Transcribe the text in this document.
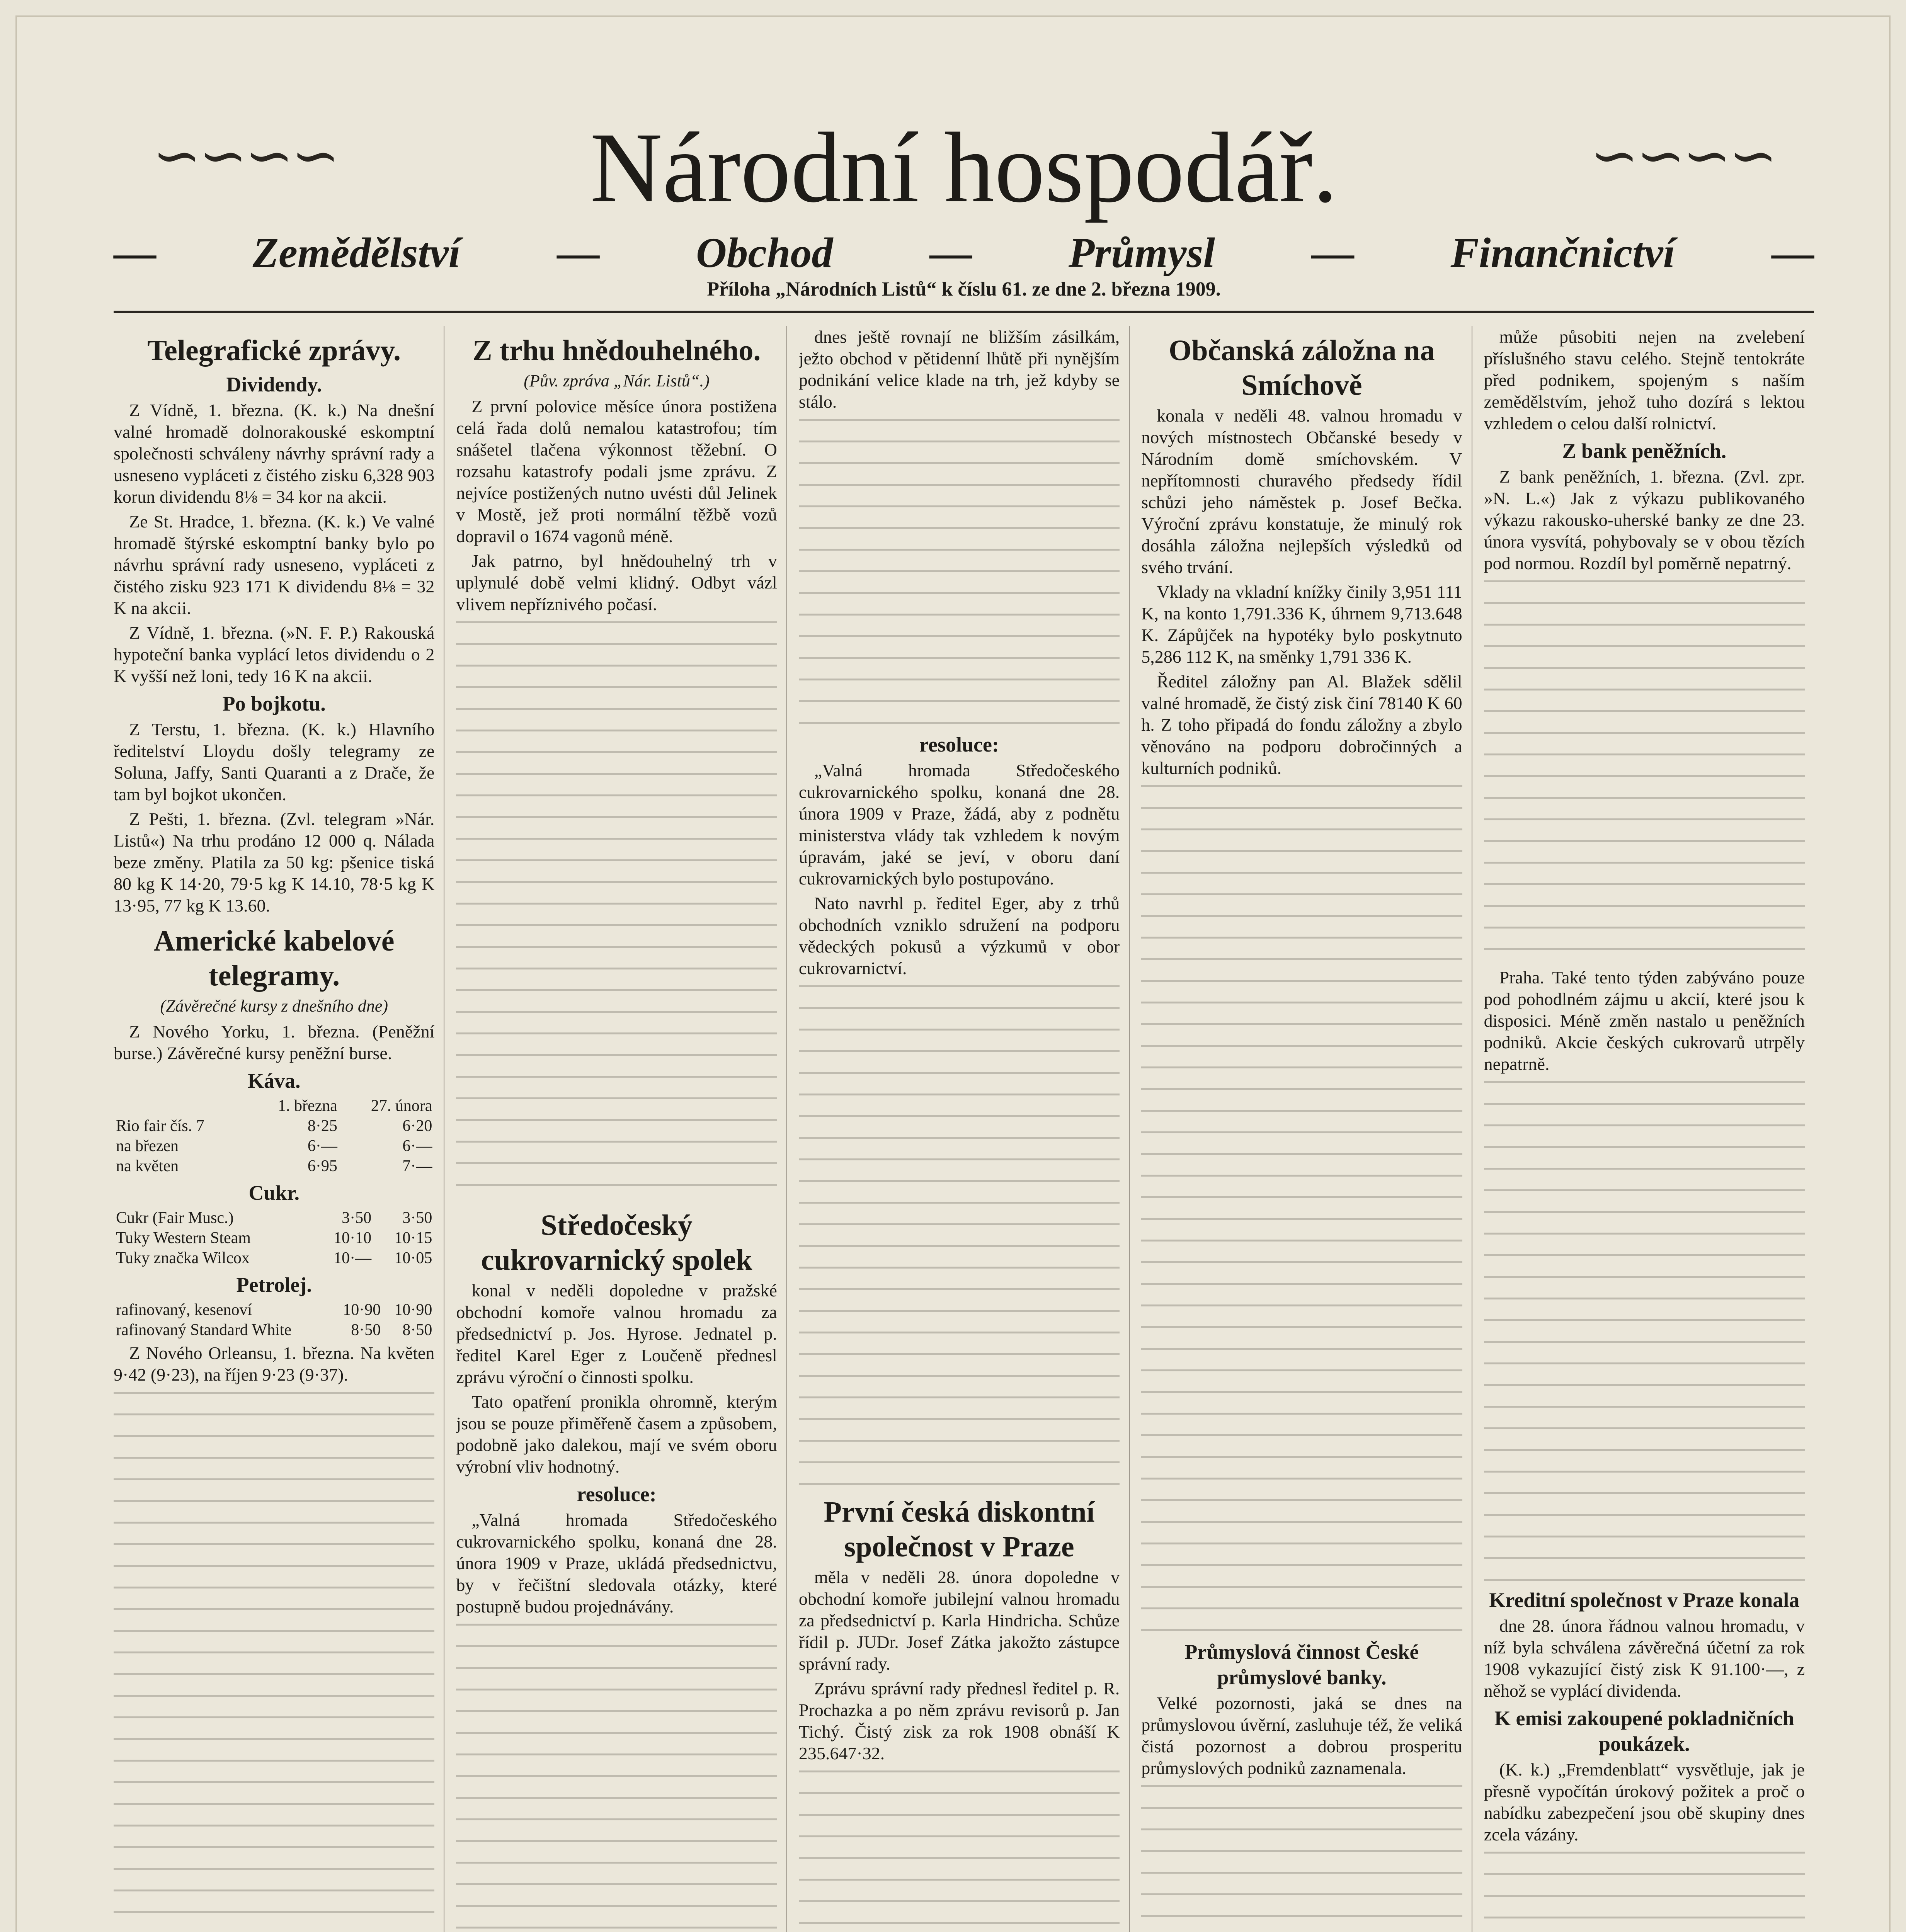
∽∽∽∽	Národní hospodář.	∽∽∽∽
— Zemědělství — Obchod — Průmysl — Finančnictví —
Příloha „Národních Listů“ k číslu 61. ze dne 2. března 1909.
Telegrafické zprávy.
Dividendy.

Z Vídně, 1. března. (K. k.) Na dnešní valné hromadě dolnorakouské eskomptní společnosti schváleny návrhy správní rady a usneseno vypláceti z čistého zisku 6,328 903 korun dividendu 8⅛ = 34 kor na akcii.

Ze St. Hradce, 1. března. (K. k.) Ve valné hromadě štýrské eskomptní banky bylo po návrhu správní rady usneseno, vypláceti z čistého zisku 923 171 K dividendu 8⅛ = 32 K na akcii.

Z Vídně, 1. března. (»N. F. P.) Rakouská hypoteční banka vyplácí letos dividendu o 2 K vyšší než loni, tedy 16 K na akcii.

Po bojkotu.

Z Terstu, 1. března. (K. k.) Hlavního ředitelství Lloydu došly telegramy ze Soluna, Jaffy, Santi Quaranti a z Drače, že tam byl bojkot ukončen.

Z Pešti, 1. března. (Zvl. telegram »Nár. Listů«) Na trhu prodáno 12 000 q. Nálada beze změny. Platila za 50 kg: pšenice tiská 80 kg K 14·20, 79·5 kg K 14.10, 78·5 kg K 13·95, 77 kg K 13.60.

Americké kabelové telegramy.
(Závěrečné kursy z dnešního dne)

Z Nového Yorku, 1. března. (Peněžní burse.) Závěrečné kursy peněžní burse.

Káva.
	1. března	27. února
Rio fair čís. 7	8·25	6·20
na březen	6·—	6·—
na květen	6·95	7·—
Cukr.
Cukr (Fair Musc.)	3·50	3·50
Tuky Western Steam	10·10	10·15
Tuky značka Wilcox	10·—	10·05
Petrolej.
rafinovaný, kesenoví	10·90	10·90
rafinovaný Standard White	8·50	8·50

Z Nového Orleansu, 1. března. Na květen 9·42 (9·23), na říjen 9·23 (9·37).

Z trhu hnědouhelného.
(Pův. zpráva „Nár. Listů“.)

Z první polovice měsíce února postižena celá řada dolů nemalou katastrofou; tím snášetel tlačena výkonnost těžební. O rozsahu katastrofy podali jsme zprávu. Z nejvíce postižených nutno uvésti důl Jelinek v Mostě, jež proti normální těžbě vozů dopravil o 1674 vagonů méně.

Jak patrno, byl hnědouhelný trh v uplynulé době velmi klidný. Odbyt vázl vlivem nepříznivého počasí.

Středočeský cukrovarnický spolek

konal v neděli dopoledne v pražské obchodní komoře valnou hromadu za předsednictví p. Jos. Hyrose. Jednatel p. ředitel Karel Eger z Loučeně přednesl zprávu výroční o činnosti spolku.

Tato opatření pronikla ohromně, kterým jsou se pouze přiměřeně časem a způsobem, podobně jako dalekou, mají ve svém oboru výrobní vliv hodnotný.

resoluce:

„Valná hromada Středočeského cukrovarnického spolku, konaná dne 28. února 1909 v Praze, ukládá předsednictvu, by v řečištní sledovala otázky, které postupně budou projednávány.

dnes ještě rovnají ne bližším zásilkám, ježto obchod v pětidenní lhůtě při nynějším podnikání velice klade na trh, jež kdyby se stálo.

resoluce:

„Valná hromada Středočeského cukrovarnického spolku, konaná dne 28. února 1909 v Praze, žádá, aby z podnětu ministerstva vlády tak vzhledem k novým úpravám, jaké se jeví, v oboru daní cukrovarnických bylo postupováno.

Nato navrhl p. ředitel Eger, aby z trhů obchodních vzniklo sdružení na podporu vědeckých pokusů a výzkumů v obor cukrovarnictví.

První česká diskontní společnost v Praze

měla v neděli 28. února dopoledne v obchodní komoře jubilejní valnou hromadu za předsednictví p. Karla Hindricha. Schůze řídil p. JUDr. Josef Zátka jakožto zástupce správní rady.

Zprávu správní rady přednesl ředitel p. R. Prochazka a po něm zprávu revisorů p. Jan Tichý. Čistý zisk za rok 1908 obnáší K 235.647·32.

Občanská záložna na Smíchově

konala v neděli 48. valnou hromadu v nových místnostech Občanské besedy v Národním domě smíchovském. V nepřítomnosti churavého předsedy řídil schůzi jeho náměstek p. Josef Bečka. Výroční zprávu konstatuje, že minulý rok dosáhla záložna nejlepších výsledků od svého trvání.

Vklady na vkladní knížky činily 3,951 111 K, na konto 1,791.336 K, úhrnem 9,713.648 K. Zápůjček na hypotéky bylo poskytnuto 5,286 112 K, na směnky 1,791 336 K.

Ředitel záložny pan Al. Blažek sdělil valné hromadě, že čistý zisk činí 78140 K 60 h. Z toho připadá do fondu záložny a zbylo věnováno na podporu dobročinných a kulturních podniků.

Průmyslová činnost České průmyslové banky.

Velké pozornosti, jaká se dnes na průmyslovou úvěrní, zasluhuje též, že veliká čistá pozornost a dobrou prosperitu průmyslových podniků zaznamenala.

může působiti nejen na zvelebení příslušného stavu celého. Stejně tentokráte před podnikem, spojeným s naším zemědělstvím, jehož tuho dozírá s lektou vzhledem o celou další rolnictví.

Z bank peněžních.

Z bank peněžních, 1. března. (Zvl. zpr. »N. L.«) Jak z výkazu publikovaného výkazu rakousko-uherské banky ze dne 23. února vysvítá, pohybovaly se v obou tězích pod normou. Rozdíl byl poměrně nepatrný.

Praha. Také tento týden zabýváno pouze pod pohodlném zájmu u akcií, které jsou k disposici. Méně změn nastalo u peněžních podniků. Akcie českých cukrovarů utrpěly nepatrně.

Kreditní společnost v Praze konala

dne 28. února řádnou valnou hromadu, v níž byla schválena závěrečná účetní za rok 1908 vykazující čistý zisk K 91.100·—, z něhož se vyplácí dividenda.

K emisi zakoupené pokladničních poukázek.

(K. k.) „Fremdenblatt“ vysvětluje, jak je přesně vypočítán úrokový požitek a proč o nabídku zabezpečení jsou obě skupiny dnes zcela vázány.
